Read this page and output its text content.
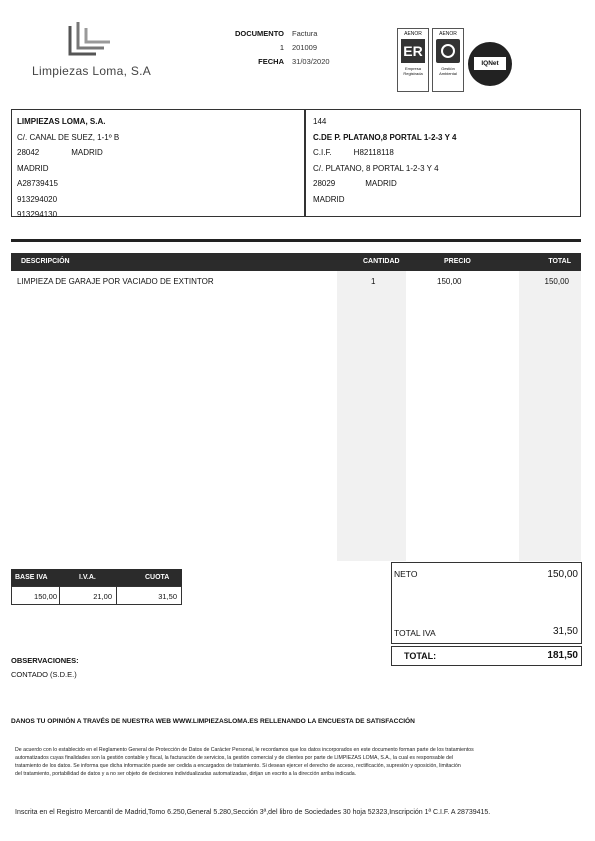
Limpiezas Loma, S.A
DOCUMENTO Factura
1 201009
FECHA 31/03/2020
AENOR
ER
Empresa Registrada
AENOR
Gestión Ambiental
IQNet
LIMPIEZAS LOMA, S.A.
C/. CANAL DE SUEZ, 1-1º B
28042	MADRID
MADRID
A28739415
913294020
913294130
144
C.DE P. PLATANO,8 PORTAL 1-2-3 Y 4
C.I.F.	H82118118
C/. PLATANO, 8 PORTAL 1-2-3 Y 4
28029	MADRID
MADRID
DESCRIPCIÓN	CANTIDAD	PRECIO	TOTAL
LIMPIEZA DE GARAJE POR VACIADO DE EXTINTOR	1	150,00	150,00
BASE IVA	I.V.A.	CUOTA
150,00	21,00	31,50
NETO	150,00
TOTAL IVA	31,50
TOTAL:	181,50
OBSERVACIONES:
CONTADO (S.D.E.)
DANOS TU OPINIÓN A TRAVÉS DE NUESTRA WEB WWW.LIMPIEZASLOMA.ES RELLENANDO LA ENCUESTA DE SATISFACCIÓN
De acuerdo con lo establecido en el Reglamento General de Protección de Datos de Carácter Personal, le recordamos que los datos incorporados en este documento forman parte de los tratamientos
automatizados cuyas finalidades son la gestión contable y fiscal, la facturación de servicios, la gestión comercial y de clientes por parte de LIMPIEZAS LOMA, S.A., la cual es responsable del
tratamiento de los datos. Se informa que dicha información puede ser cedida a encargados de tratamiento. Si desean ejercer el derecho de acceso, rectificación, supresión y oposición, limitación
del tratamiento, portabilidad de datos y a no ser objeto de decisiones individualizadas automatizadas, dirijan un escrito a la dirección arriba indicada.
Inscrita en el Registro Mercantil de Madrid,Tomo 6.250,General 5.280,Sección 3ª,del libro de Sociedades 30 hoja 52323,Inscripción 1ª C.I.F. A 28739415.
